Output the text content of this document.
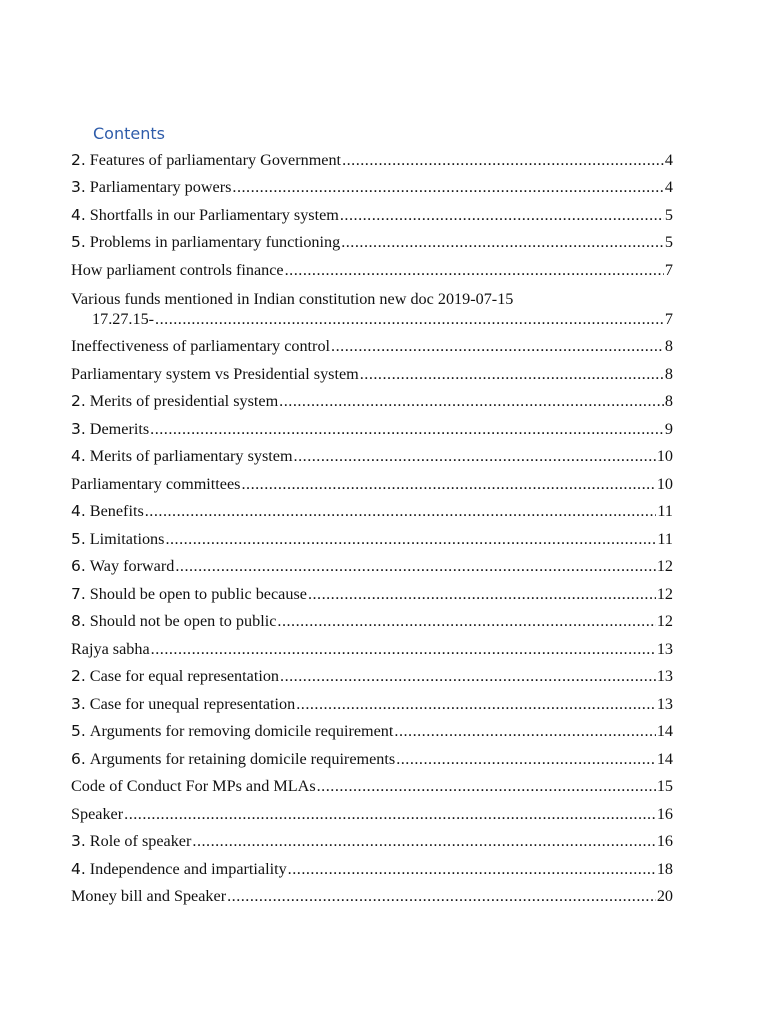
Contents
2. Features of parliamentary Government .....	4
3. Parliamentary powers .....	4
4. Shortfalls in our Parliamentary system .....	5
5. Problems in parliamentary functioning .....	5
How parliament controls finance .....	7
Various funds mentioned in Indian constitution new doc 2019-07-15
17.27.15- .....	7
Ineffectiveness of parliamentary control .....	8
Parliamentary system vs Presidential system .....	8
2. Merits of presidential system .....	8
3. Demerits .....	9
4. Merits of parliamentary system .....	10
Parliamentary committees .....	10
4. Benefits .....	11
5. Limitations .....	11
6. Way forward .....	12
7. Should be open to public because .....	12
8. Should not be open to public .....	12
Rajya sabha .....	13
2. Case for equal representation .....	13
3. Case for unequal representation .....	13
5. Arguments for removing domicile requirement .....	14
6. Arguments for retaining domicile requirements .....	14
Code of Conduct For MPs and MLAs .....	15
Speaker .....	16
3. Role of speaker .....	16
4. Independence and impartiality .....	18
Money bill and Speaker .....	20
